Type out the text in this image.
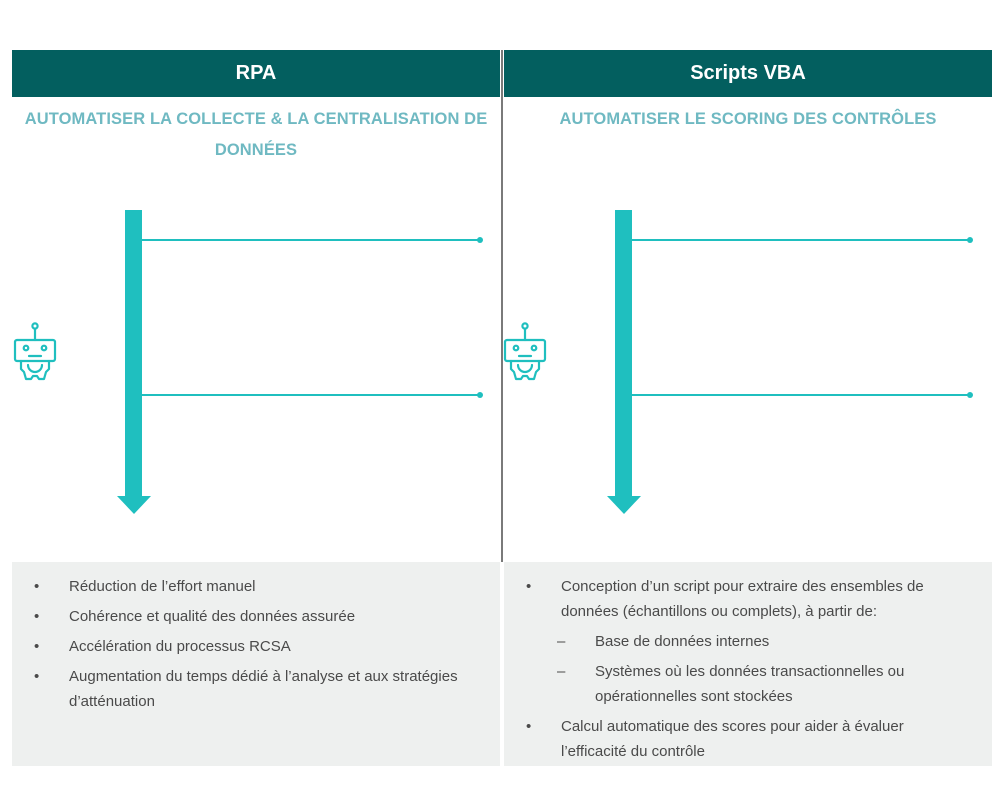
RPA
AUTOMATISER LA COLLECTE & LA CENTRALISATION DE DONNÉES
Scripts VBA
AUTOMATISER LE SCORING DES CONTRÔLES
• Réduction de l’effort manuel
• Cohérence et qualité des données assurée
• Accélération du processus RCSA
• Augmentation du temps dédié à l’analyse et aux stratégies d’atténuation
• Conception d’un script pour extraire des ensembles de données (échantillons ou complets), à partir de:
– Base de données internes
– Systèmes où les données transactionnelles ou opérationnelles sont stockées
• Calcul automatique des scores pour aider à évaluer l’efficacité du contrôle
